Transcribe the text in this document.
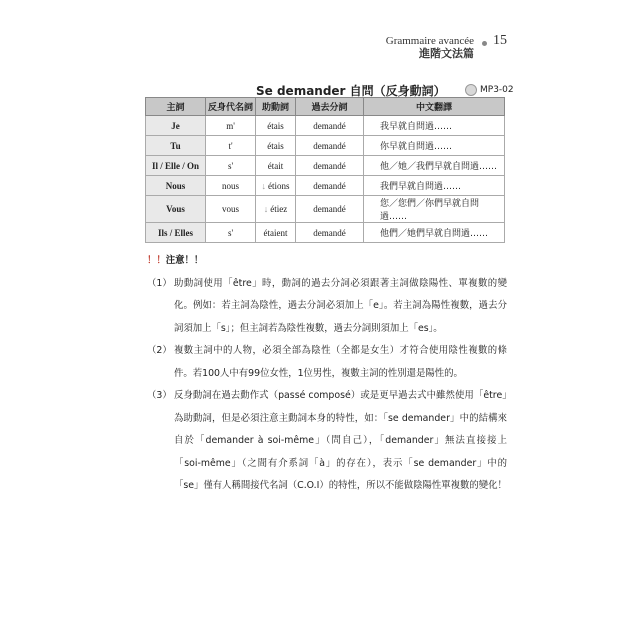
Grammaire avancée
進階文法篇
15
Se demander 自問（反身動詞）	MP3-02
主詞	反身代名詞	助動詞	過去分詞	中文翻譯
Je	m'	étais	demandé	我早就自問過……
Tu	t'	étais	demandé	你早就自問過……
Il / Elle / On	s'	était	demandé	他／她／我們早就自問過……
Nous	nous	↓ étions	demandé	我們早就自問過……
Vous	vous	↓ étiez	demandé	您／您們／你們早就自問過……
Ils / Elles	s'	étaient	demandé	他們／她們早就自問過……
！！注意！！
（1） 助動詞使用「être」時，動詞的過去分詞必須跟著主詞做陰陽性、單複數的變化。例如：若主詞為陰性，過去分詞必須加上「e」。若主詞為陽性複數，過去分詞須加上「s」；但主詞若為陰性複數，過去分詞則須加上「es」。
（2） 複數主詞中的人物，必須全部為陰性（全都是女生）才符合使用陰性複數的條件。若100人中有99位女性，1位男性，複數主詞的性別還是陽性的。
（3） 反身動詞在過去動作式（passé composé）或是更早過去式中雖然使用「être」為助動詞，但是必須注意主動詞本身的特性，如：「se demander」中的結構來自於「demander à soi-même」（問自己），「demander」無法直接接上「soi-même」（之間有介系詞「à」的存在），表示「se demander」中的「se」僅有人稱間接代名詞（C.O.I）的特性，所以不能做陰陽性單複數的變化！
